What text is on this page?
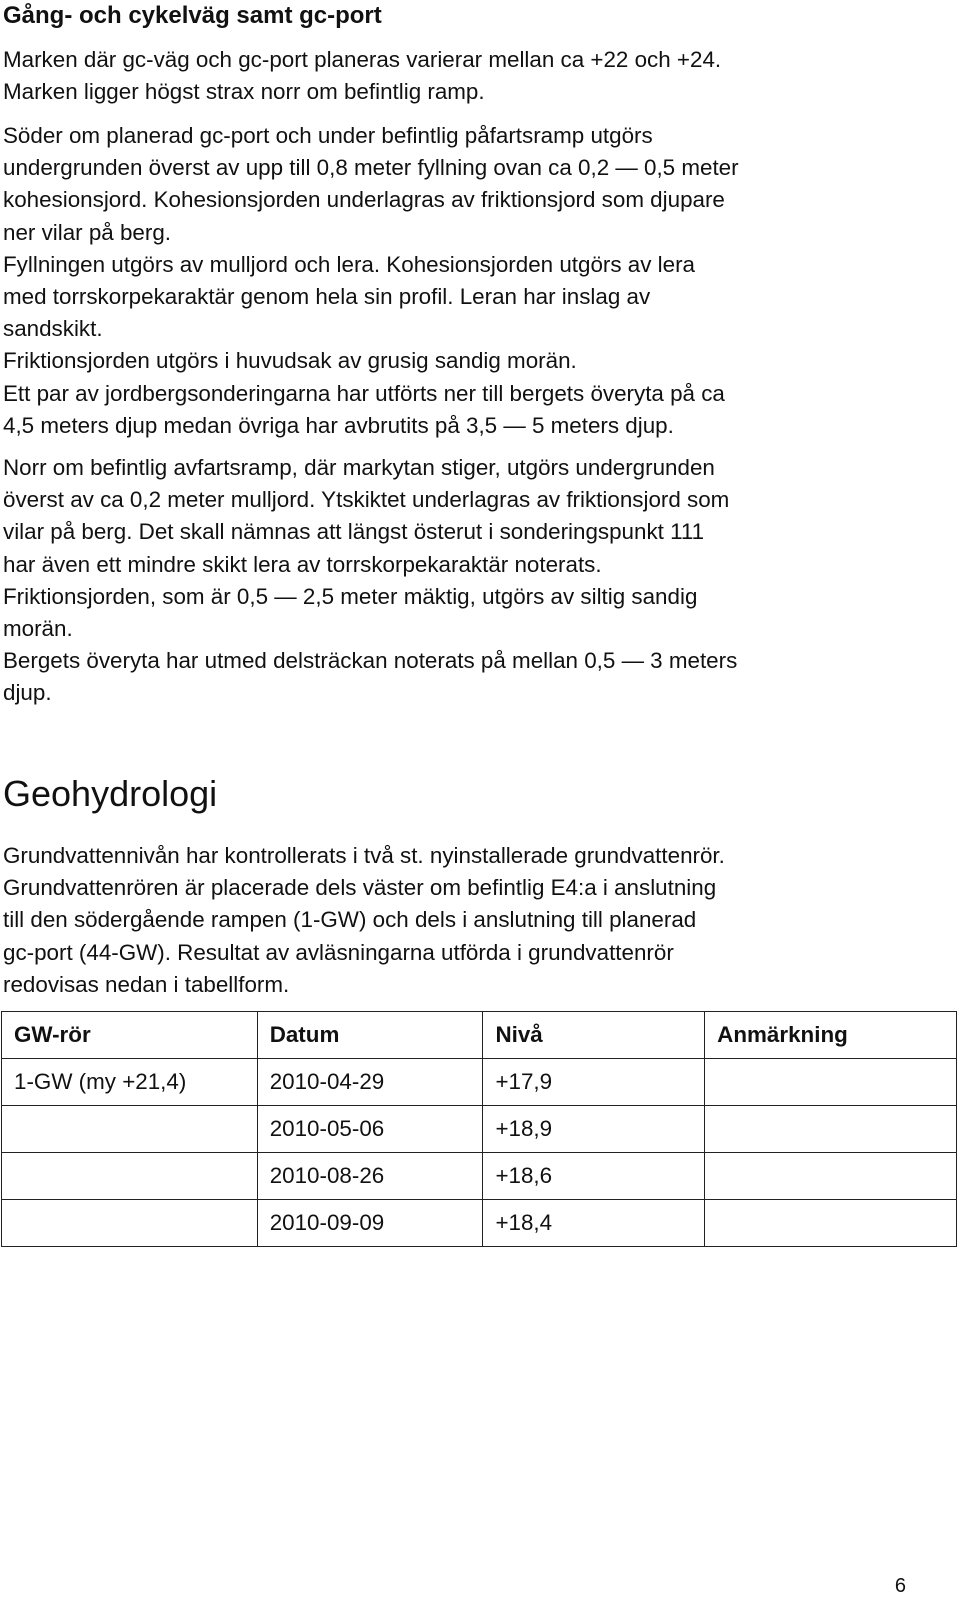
Gång- och cykelväg samt gc-port

Marken där gc-väg och gc-port planeras varierar mellan ca +22 och +24.

Marken ligger högst strax norr om befintlig ramp.

Söder om planerad gc-port och under befintlig påfartsramp utgörs

undergrunden överst av upp till 0,8 meter fyllning ovan ca 0,2 — 0,5 meter

kohesionsjord. Kohesionsjorden underlagras av friktionsjord som djupare

ner vilar på berg.

Fyllningen utgörs av mulljord och lera. Kohesionsjorden utgörs av lera

med torrskorpekaraktär genom hela sin profil. Leran har inslag av

sandskikt.

Friktionsjorden utgörs i huvudsak av grusig sandig morän.

Ett par av jordbergsonderingarna har utförts ner till bergets överyta på ca

4,5 meters djup medan övriga har avbrutits på 3,5 — 5 meters djup.

Norr om befintlig avfartsramp, där markytan stiger, utgörs undergrunden

överst av ca 0,2 meter mulljord. Ytskiktet underlagras av friktionsjord som

vilar på berg. Det skall nämnas att längst österut i sonderingspunkt 111

har även ett mindre skikt lera av torrskorpekaraktär noterats.

Friktionsjorden, som är 0,5 — 2,5 meter mäktig, utgörs av siltig sandig

morän.

Bergets överyta har utmed delsträckan noterats på mellan 0,5 — 3 meters

djup.

Geohydrologi

Grundvattennivån har kontrollerats i två st. nyinstallerade grundvattenrör.

Grundvattenrören är placerade dels väster om befintlig E4:a i anslutning

till den södergående rampen (1-GW) och dels i anslutning till planerad

gc-port (44-GW). Resultat av avläsningarna utförda i grundvattenrör

redovisas nedan i tabellform.

GW-rör	Datum	Nivå	Anmärkning
1-GW (my +21,4)	2010-04-29	+17,9	
	2010-05-06	+18,9	
	2010-08-26	+18,6	
	2010-09-09	+18,4	
6
